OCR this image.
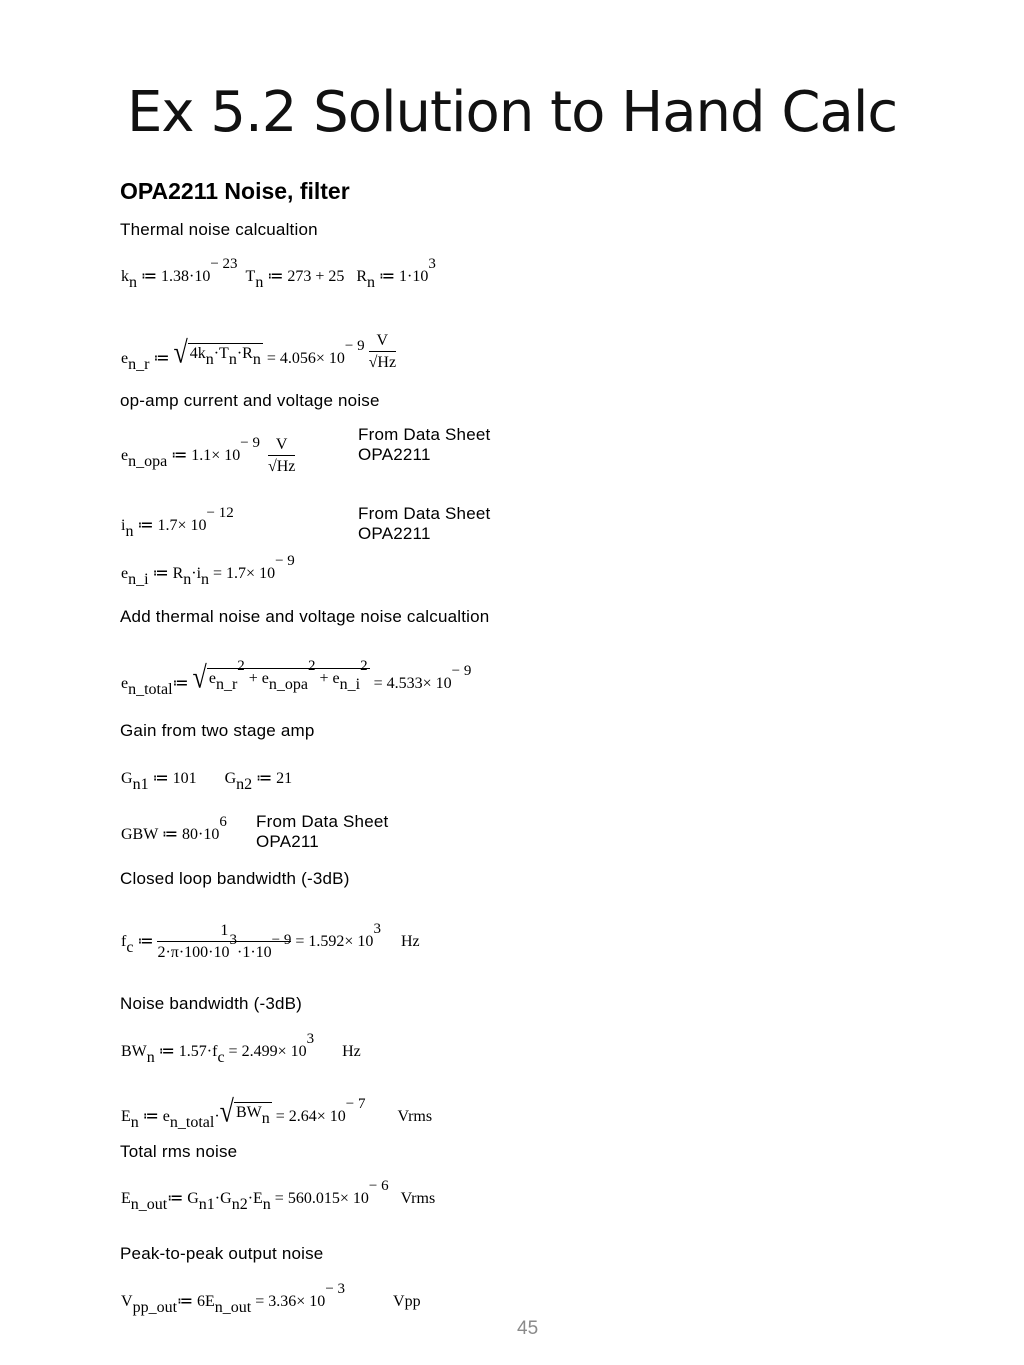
Ex 5.2 Solution to Hand Calc
OPA2211 Noise, filter
Thermal noise calcualtion
$k_n$ ≔ $1.38\cdot 10^{- 23}$  $T_n$ ≔ 273 + 25   $R_n$ ≔ $1\cdot 10^3$
$e_{n\_r}$ ≔ √ $4k_n\cdot T_n\cdot R_n = 4.056\times 10^{- 9} \frac{V}{√Hz}$
op-amp current and voltage noise
$e_{n\_opa}$ ≔ $1.1\times 10^{- 9} \frac{V}{√Hz}$
From Data Sheet
OPA2211
$i_n$ ≔ $1.7\times 10^{- 12}$	From Data Sheet
OPA2211
$e_{n\_i}$ ≔ $R_n\cdot i_n = 1.7\times 10^{- 9}$
Add thermal noise and voltage noise calcualtion
$e_{n\_total}≔$ √ $e_{n\_r}^2 + e_{n\_opa}^2 + e_{n\_i}^2 = 4.533\times 10^{- 9}$
Gain from two stage amp
$G_{n1}$ ≔ 101       $G_{n2}$ ≔ 21
GBW ≔ $80\cdot 10^6$ From Data Sheet
OPA211
Closed loop bandwidth (-3dB)
$f_c$ ≔ $\frac{1}{2\cdot\pi\cdot 100\cdot 10^3\cdot 1\cdot 10^{- 9}} = 1.592\times 10^3$     Hz
Noise bandwidth (-3dB)
$BW_n$ ≔ $1.57\cdot f_c = 2.499\times 10^3$       Hz
$E_n$ ≔ $e_{n\_total}\cdot√$ $BW_n = 2.64\times 10^{- 7}$        Vrms
Total rms noise
$E_{n\_out}≔$ $G_{n1}\cdot G_{n2}\cdot E_n = 560.015\times 10^{- 6}$   Vrms
Peak-to-peak output noise
$V_{pp\_out}≔$ $6E_{n\_out} = 3.36\times 10^{- 3}$            Vpp
45
